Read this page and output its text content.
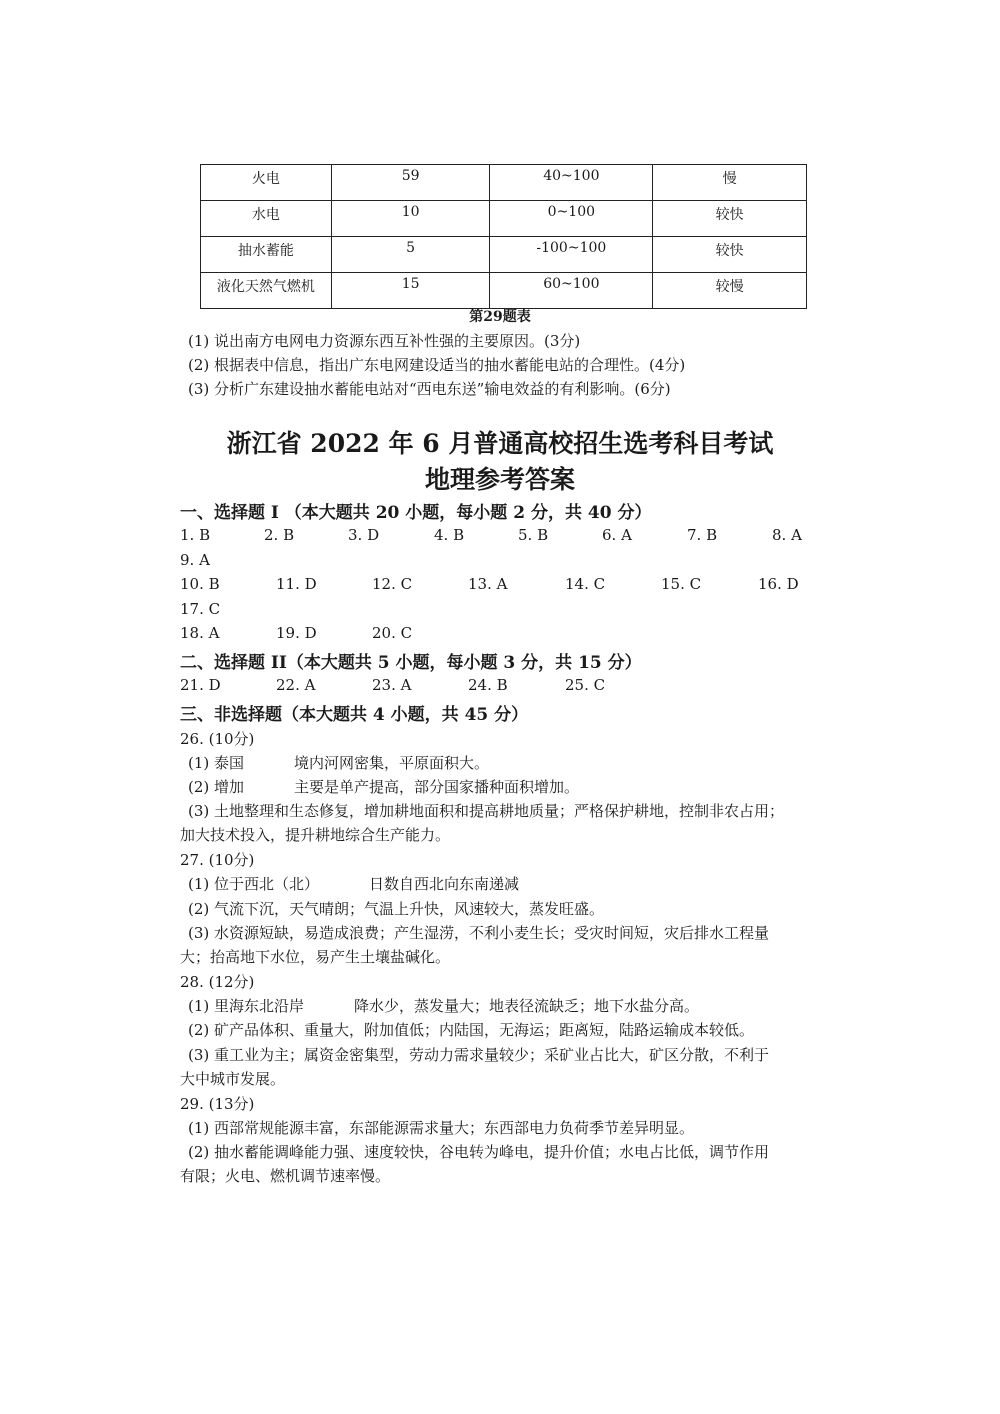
火电	59	40~100	慢
水电	10	0~100	较快
抽水蓄能	5	-100~100	较快
液化天然气燃机	15	60~100	较慢
第29题表
(1) 说出南方电网电力资源东西互补性强的主要原因。(3分)
(2) 根据表中信息，指出广东电网建设适当的抽水蓄能电站的合理性。(4分)
(3) 分析广东建设抽水蓄能电站对“西电东送”输电效益的有利影响。(6分)
浙江省 2022 年 6 月普通高校招生选考科目考试
地理参考答案
一、选择题 I （本大题共 20 小题，每小题 2 分，共 40 分）
1. B	2. B	3. D	4. B	5. B	6. A	7. B	8. A
9. A
10. B	11. D	12. C	13. A	14. C	15. C	16. D
17. C
18. A	19. D	20. C
二、选择题 II（本大题共 5 小题，每小题 3 分，共 15 分）
21. D	22. A	23. A	24. B	25. C
三、非选择题（本大题共 4 小题，共 45 分）
26. (10分)
(1) 泰国	境内河网密集，平原面积大。
(2) 增加	主要是单产提高，部分国家播种面积增加。
(3) 土地整理和生态修复，增加耕地面积和提高耕地质量；严格保护耕地，控制非农占用；
加大技术投入，提升耕地综合生产能力。
27. (10分)
(1) 位于西北（北）	日数自西北向东南递减
(2) 气流下沉，天气晴朗；气温上升快，风速较大，蒸发旺盛。
(3) 水资源短缺，易造成浪费；产生湿涝，不利小麦生长；受灾时间短，灾后排水工程量
大；抬高地下水位，易产生土壤盐碱化。
28. (12分)
(1) 里海东北沿岸	降水少，蒸发量大；地表径流缺乏；地下水盐分高。
(2) 矿产品体积、重量大，附加值低；内陆国，无海运；距离短，陆路运输成本较低。
(3) 重工业为主；属资金密集型，劳动力需求量较少；采矿业占比大，矿区分散，不利于
大中城市发展。
29. (13分)
(1) 西部常规能源丰富，东部能源需求量大；东西部电力负荷季节差异明显。
(2) 抽水蓄能调峰能力强、速度较快，谷电转为峰电，提升价值；水电占比低，调节作用
有限；火电、燃机调节速率慢。
